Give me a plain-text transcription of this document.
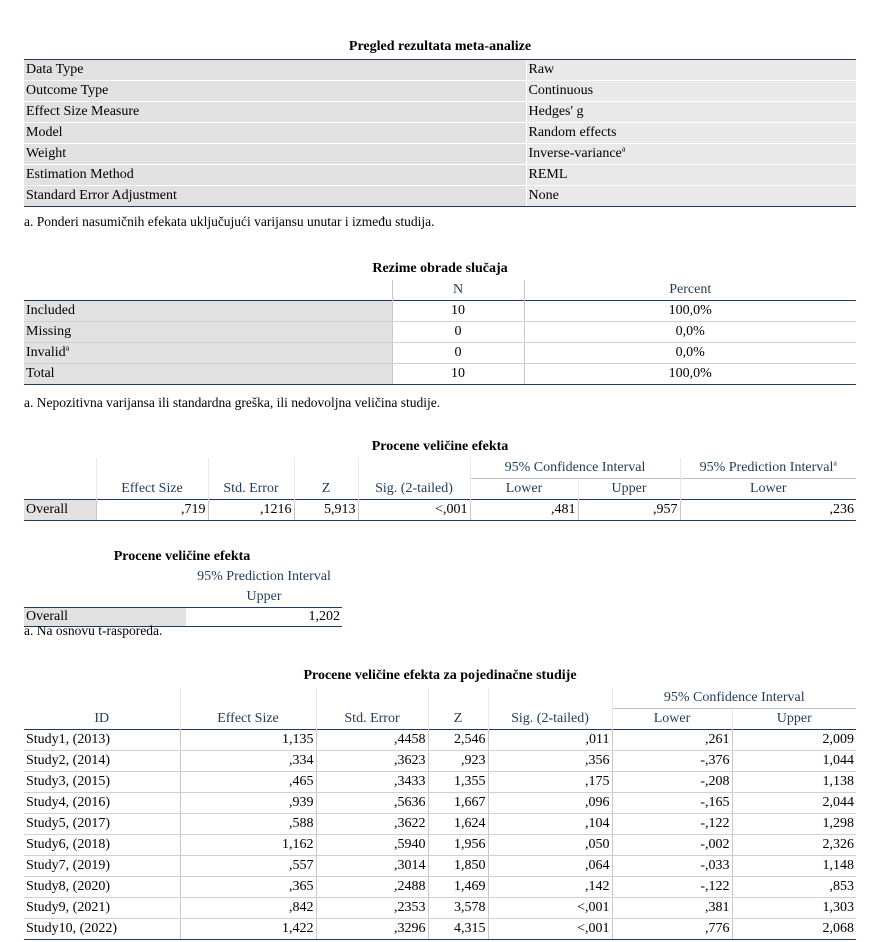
Pregled rezultata meta-analize
Data Type	Raw
Outcome Type	Continuous
Effect Size Measure	Hedges' g
Model	Random effects
Weight	Inverse-variance$^a$
Estimation Method	REML
Standard Error Adjustment	None
a. Ponderi nasumičnih efekata uključujući varijansu unutar i između studija.
Rezime obrade slučaja
	N	Percent
Included	10	100,0%
Missing	0	0,0%
Invalid$^a$	0	0,0%
Total	10	100,0%
a. Nepozitivna varijansa ili standardna greška, ili nedovoljna veličina studije.
Procene veličine efekta
					95% Confidence Interval		95% Prediction Interval$^a$
	Effect Size	Std. Error	Z	Sig. (2-tailed)	Lower	Upper	Lower
Overall	,719	,1216	5,913	<,001	,481	,957	,236
Procene veličine efekta
	95% Prediction Interval
	Upper
Overall	1,202
a. Na osnovu t-rasporeda.
Procene veličine efekta za pojedinačne studije
					95% Confidence Interval	
ID	Effect Size	Std. Error	Z	Sig. (2-tailed)	Lower	Upper
Study1, (2013)	1,135	,4458	2,546	,011	,261	2,009
Study2, (2014)	,334	,3623	,923	,356	-,376	1,044
Study3, (2015)	,465	,3433	1,355	,175	-,208	1,138
Study4, (2016)	,939	,5636	1,667	,096	-,165	2,044
Study5, (2017)	,588	,3622	1,624	,104	-,122	1,298
Study6, (2018)	1,162	,5940	1,956	,050	-,002	2,326
Study7, (2019)	,557	,3014	1,850	,064	-,033	1,148
Study8, (2020)	,365	,2488	1,469	,142	-,122	,853
Study9, (2021)	,842	,2353	3,578	<,001	,381	1,303
Study10, (2022)	1,422	,3296	4,315	<,001	,776	2,068
